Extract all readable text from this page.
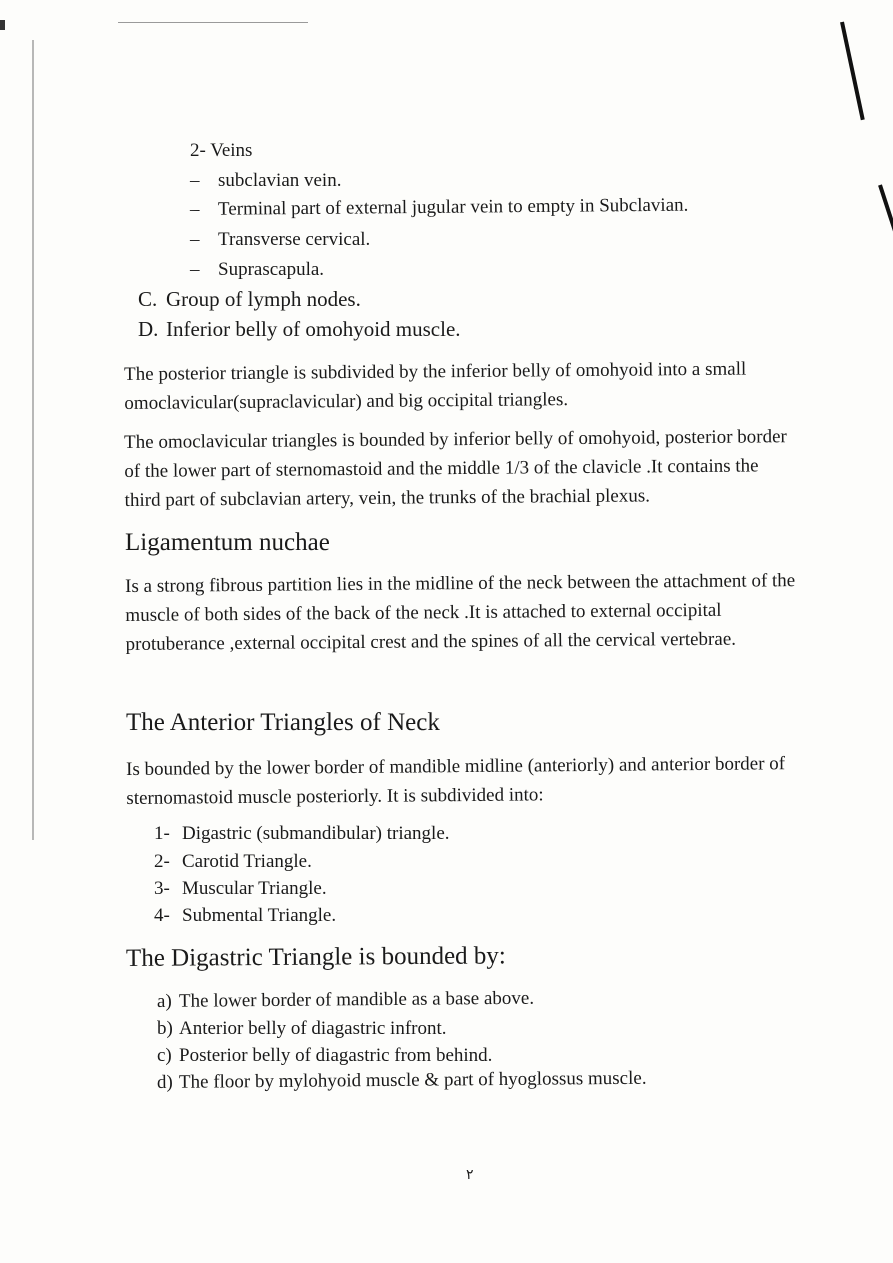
2- Veins
– subclavian vein.
– Terminal part of external jugular vein to empty in Subclavian.
– Transverse cervical.
– Suprascapula.
C. Group of lymph nodes.
D. Inferior belly of omohyoid muscle.
The posterior triangle is subdivided by the inferior belly of omohyoid into a small
omoclavicular(supraclavicular) and big occipital triangles.
The omoclavicular triangles is bounded by inferior belly of omohyoid, posterior border
of the lower part of sternomastoid and the middle 1/3 of the clavicle .It contains the
third part of subclavian artery, vein, the trunks of the brachial plexus.
Ligamentum nuchae
Is a strong fibrous partition lies in the midline of the neck between the attachment of the
muscle of both sides of the back of the neck .It is attached to external occipital
protuberance ,external occipital crest and the spines of all the cervical vertebrae.
The Anterior Triangles of Neck
Is bounded by the lower border of mandible midline (anteriorly) and anterior border of
sternomastoid muscle posteriorly. It is subdivided into:
1- Digastric (submandibular) triangle.
2- Carotid Triangle.
3- Muscular Triangle.
4- Submental Triangle.
The Digastric Triangle is bounded by:
a) The lower border of mandible as a base above.
b) Anterior belly of diagastric infront.
c) Posterior belly of diagastric from behind.
d) The floor by mylohyoid muscle & part of hyoglossus muscle.
٢
